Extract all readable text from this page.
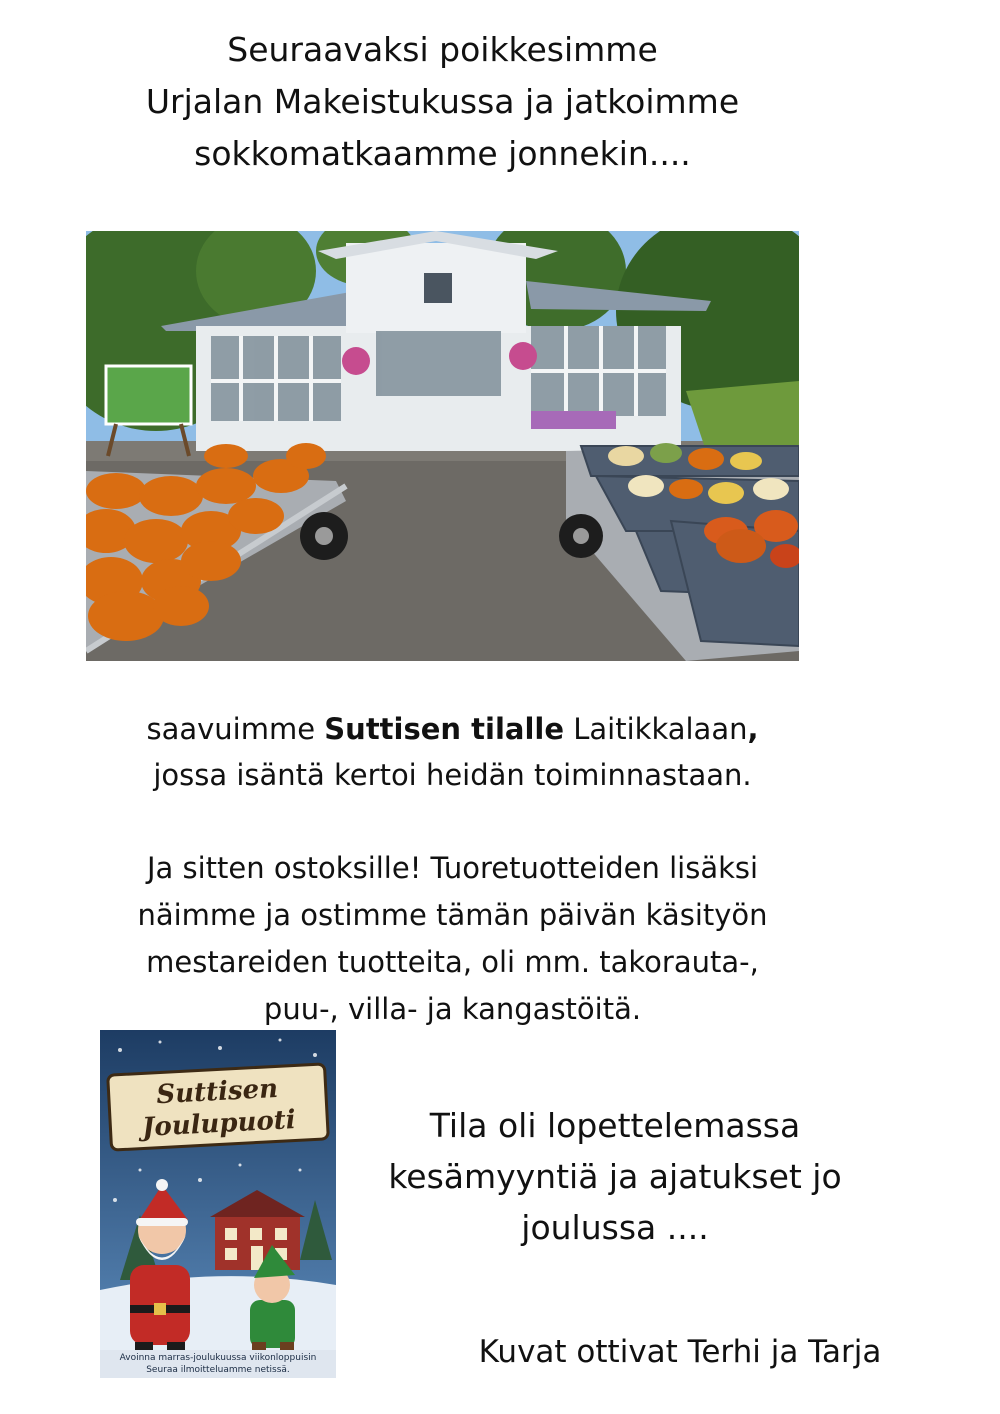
Seuraavaksi poikkesimme
Urjalan Makeistukussa ja jatkoimme
sokkomatkaamme jonnekin....
saavuimme Suttisen tilalle Laitikkalaan,
jossa isäntä kertoi heidän toiminnastaan.
Ja sitten ostoksille! Tuoretuotteiden lisäksi
näimme ja ostimme tämän päivän käsityön
mestareiden tuotteita, oli mm. takorauta-,
puu-, villa- ja kangastöitä.
Suttisen
Joulupuoti
Avoinna marras-joulukuussa viikonloppuisin
Seuraa ilmoitteluamme netissä.
Tila oli lopettelemassa
kesämyyntiä ja ajatukset jo
joulussa ....
Kuvat ottivat Terhi ja Tarja
